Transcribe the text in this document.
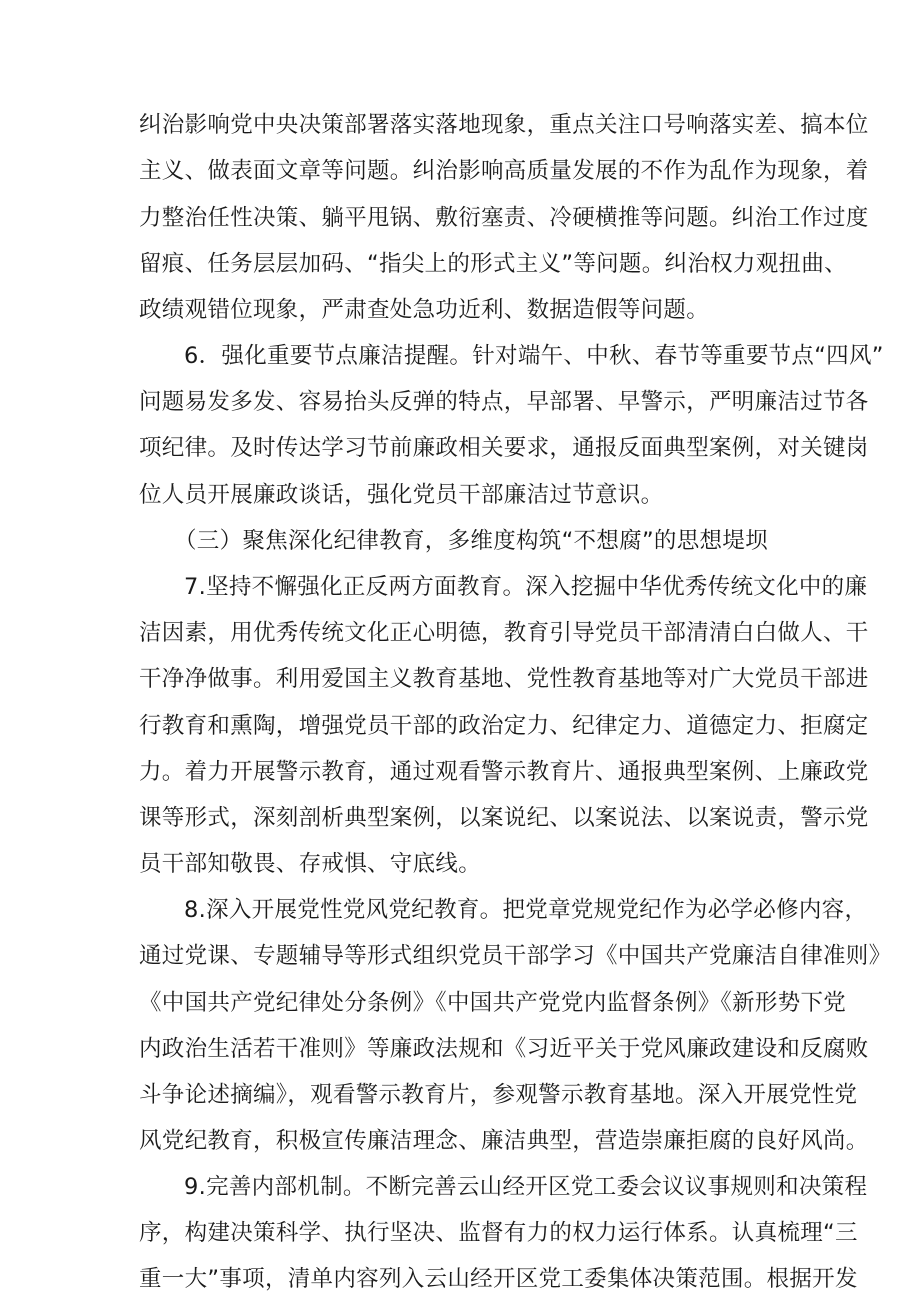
纠治影响党中央决策部署落实落地现象，重点关注口号响落实差、搞本位
主义、做表面文章等问题。纠治影响高质量发展的不作为乱作为现象，着
力整治任性决策、躺平甩锅、敷衍塞责、冷硬横推等问题。纠治工作过度
留痕、任务层层加码、“指尖上的形式主义”等问题。纠治权力观扭曲、
政绩观错位现象，严肃查处急功近利、数据造假等问题。
6．强化重要节点廉洁提醒。针对端午、中秋、春节等重要节点“四风”
问题易发多发、容易抬头反弹的特点，早部署、早警示，严明廉洁过节各
项纪律。及时传达学习节前廉政相关要求，通报反面典型案例，对关键岗
位人员开展廉政谈话，强化党员干部廉洁过节意识。
（三）聚焦深化纪律教育，多维度构筑“不想腐”的思想堤坝
7.坚持不懈强化正反两方面教育。深入挖掘中华优秀传统文化中的廉
洁因素，用优秀传统文化正心明德，教育引导党员干部清清白白做人、干
干净净做事。利用爱国主义教育基地、党性教育基地等对广大党员干部进
行教育和熏陶，增强党员干部的政治定力、纪律定力、道德定力、拒腐定
力。着力开展警示教育，通过观看警示教育片、通报典型案例、上廉政党
课等形式，深刻剖析典型案例，以案说纪、以案说法、以案说责，警示党
员干部知敬畏、存戒惧、守底线。
8.深入开展党性党风党纪教育。把党章党规党纪作为必学必修内容，
通过党课、专题辅导等形式组织党员干部学习《中国共产党廉洁自律准则》
《中国共产党纪律处分条例》《中国共产党党内监督条例》《新形势下党
内政治生活若干准则》等廉政法规和《习近平关于党风廉政建设和反腐败
斗争论述摘编》，观看警示教育片，参观警示教育基地。深入开展党性党
风党纪教育，积极宣传廉洁理念、廉洁典型，营造崇廉拒腐的良好风尚。
9.完善内部机制。不断完善云山经开区党工委会议议事规则和决策程
序，构建决策科学、执行坚决、监督有力的权力运行体系。认真梳理“三
重一大”事项，清单内容列入云山经开区党工委集体决策范围。根据开发
